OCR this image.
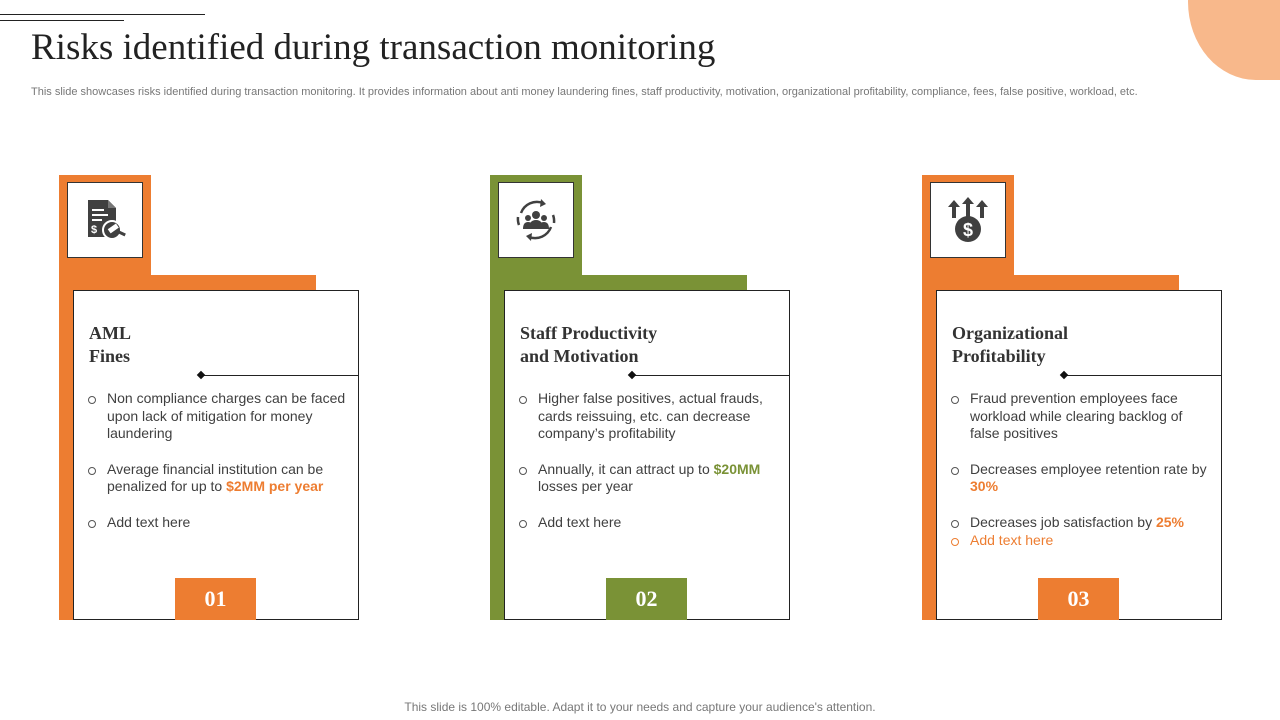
Risks identified during transaction monitoring
This slide showcases risks identified during transaction monitoring. It provides information about anti money laundering fines, staff productivity, motivation, organizational profitability, compliance, fees, false positive, workload, etc.
$
AML
Fines
Non compliance charges can be faced upon lack of mitigation for money laundering
Average financial institution can be penalized for up to $2MM per year
Add text here
01
Staff Productivity
and Motivation
Higher false positives, actual frauds, cards reissuing, etc. can decrease company’s profitability
Annually, it can attract up to $20MM losses per year
Add text here
02
$
Organizational
Profitability
Fraud prevention employees face workload while clearing backlog of false positives
Decreases employee retention rate by 30%
Decreases job satisfaction by 25%
Add text here
03
This slide is 100% editable. Adapt it to your needs and capture your audience's attention.
